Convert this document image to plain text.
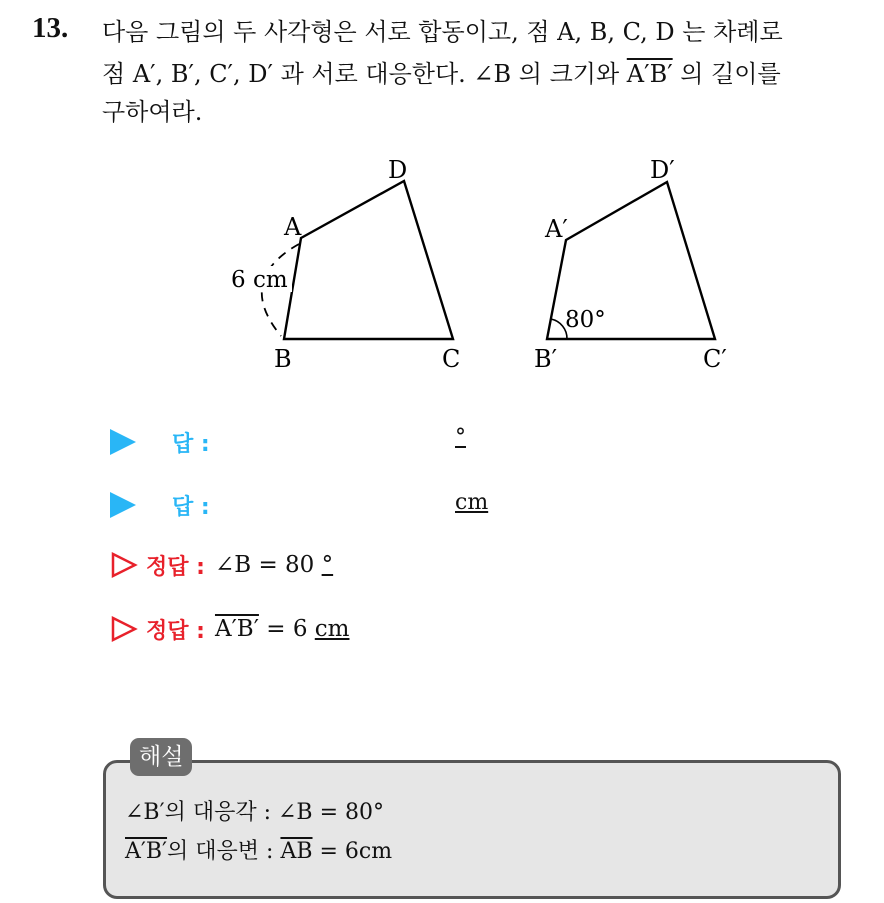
13. 다음 그림의 두 사각형은 서로 합동이고, 점 A, B, C, D 는 차례로
점 A′, B′, C′, D′ 과 서로 대응한다. ∠B 의 크기와 A′B′ 의 길이를
구하여라.
A
D
B	C
6 cm
A′
D′
B′	C′
80°
답 :	°
답 :	cm
정답 : ∠B = 80 °
정답 : A′B′ = 6 cm
해설
∠B′의 대응각 : ∠B = 80°
A′B′의 대응변 : $\overline{AB} = 6cm$
